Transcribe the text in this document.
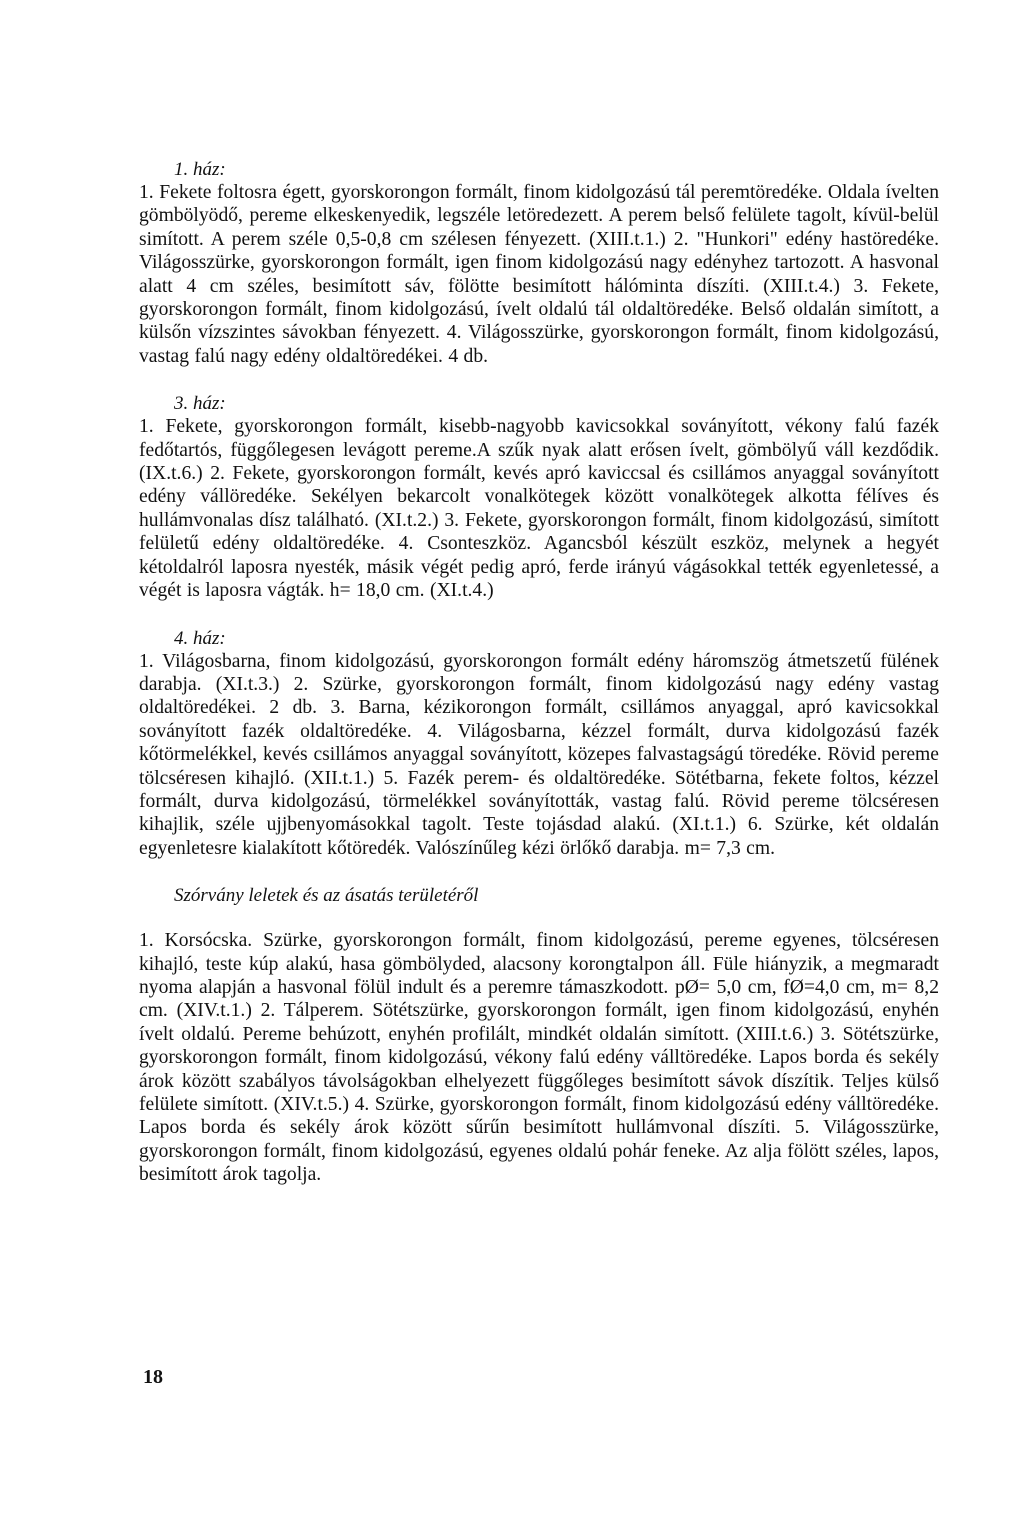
1. ház:

1. Fekete foltosra égett, gyorskorongon formált, finom kidolgozású tál peremtöredéke. Oldala ívelten gömbölyödő, pereme elkeskenyedik, legszéle letöredezett. A perem belső felülete tagolt, kívül-belül simított. A perem széle 0,5-0,8 cm szélesen fényezett. (XIII.t.1.) 2. "Hunkori" edény hastöredéke. Világosszürke, gyorskorongon formált, igen finom kidolgozású nagy edényhez tartozott. A hasvonal alatt 4 cm széles, besimított sáv, fölötte besimított hálóminta díszíti. (XIII.t.4.) 3. Fekete, gyorskorongon formált, finom kidolgozású, ívelt oldalú tál oldaltöredéke. Belső oldalán simított, a külsőn vízszintes sávokban fényezett. 4. Világosszürke, gyorskorongon formált, finom kidolgozású, vastag falú nagy edény oldaltöredékei. 4 db.

3. ház:

1. Fekete, gyorskorongon formált, kisebb-nagyobb kavicsokkal soványított, vékony falú fazék fedőtartós, függőlegesen levágott pereme.A szűk nyak alatt erősen ívelt, gömbölyű váll kezdődik. (IX.t.6.) 2. Fekete, gyorskorongon formált, kevés apró kaviccsal és csillámos anyaggal soványított edény vállöredéke. Sekélyen bekarcolt vonalkötegek között vonalkötegek alkotta félíves és hullámvonalas dísz található. (XI.t.2.) 3. Fekete, gyorskorongon formált, finom kidolgozású, simított felületű edény oldaltöredéke. 4. Csonteszköz. Agancsból készült eszköz, melynek a hegyét kétoldalról laposra nyesték, másik végét pedig apró, ferde irányú vágásokkal tették egyenletessé, a végét is laposra vágták. h= 18,0 cm. (XI.t.4.)

4. ház:

1. Világosbarna, finom kidolgozású, gyorskorongon formált edény háromszög átmetszetű fülének darabja. (XI.t.3.) 2. Szürke, gyorskorongon formált, finom kidolgozású nagy edény vastag oldaltöredékei. 2 db. 3. Barna, kézikorongon formált, csillámos anyaggal, apró kavicsokkal soványított fazék oldaltöredéke. 4. Világosbarna, kézzel formált, durva kidolgozású fazék kőtörmelékkel, kevés csillámos anyaggal soványított, közepes falvastagságú töredéke. Rövid pereme tölcséresen kihajló. (XII.t.1.) 5. Fazék perem- és oldaltöredéke. Sötétbarna, fekete foltos, kézzel formált, durva kidolgozású, törmelékkel soványították, vastag falú. Rövid pereme tölcséresen kihajlik, széle ujjbenyomásokkal tagolt. Teste tojásdad alakú. (XI.t.1.) 6. Szürke, két oldalán egyenletesre kialakított kőtöredék. Valószínűleg kézi örlőkő darabja. m= 7,3 cm.

Szórvány leletek és az ásatás területéről

1. Korsócska. Szürke, gyorskorongon formált, finom kidolgozású, pereme egyenes, tölcséresen kihajló, teste kúp alakú, hasa gömbölyded, alacsony korongtalpon áll. Füle hiányzik, a megmaradt nyoma alapján a hasvonal fölül indult és a peremre támaszkodott. pØ= 5,0 cm, fØ=4,0 cm, m= 8,2 cm. (XIV.t.1.) 2. Tálperem. Sötétszürke, gyorskorongon formált, igen finom kidolgozású, enyhén ívelt oldalú. Pereme behúzott, enyhén profilált, mindkét oldalán simított. (XIII.t.6.) 3. Sötétszürke, gyorskorongon formált, finom kidolgozású, vékony falú edény válltöredéke. Lapos borda és sekély árok között szabályos távolságokban elhelyezett függőleges besimított sávok díszítik. Teljes külső felülete simított. (XIV.t.5.) 4. Szürke, gyorskorongon formált, finom kidolgozású edény válltöredéke. Lapos borda és sekély árok között sűrűn besimított hullámvonal díszíti. 5. Világosszürke, gyorskorongon formált, finom kidolgozású, egyenes oldalú pohár feneke. Az alja fölött széles, lapos, besimított árok tagolja.

18
